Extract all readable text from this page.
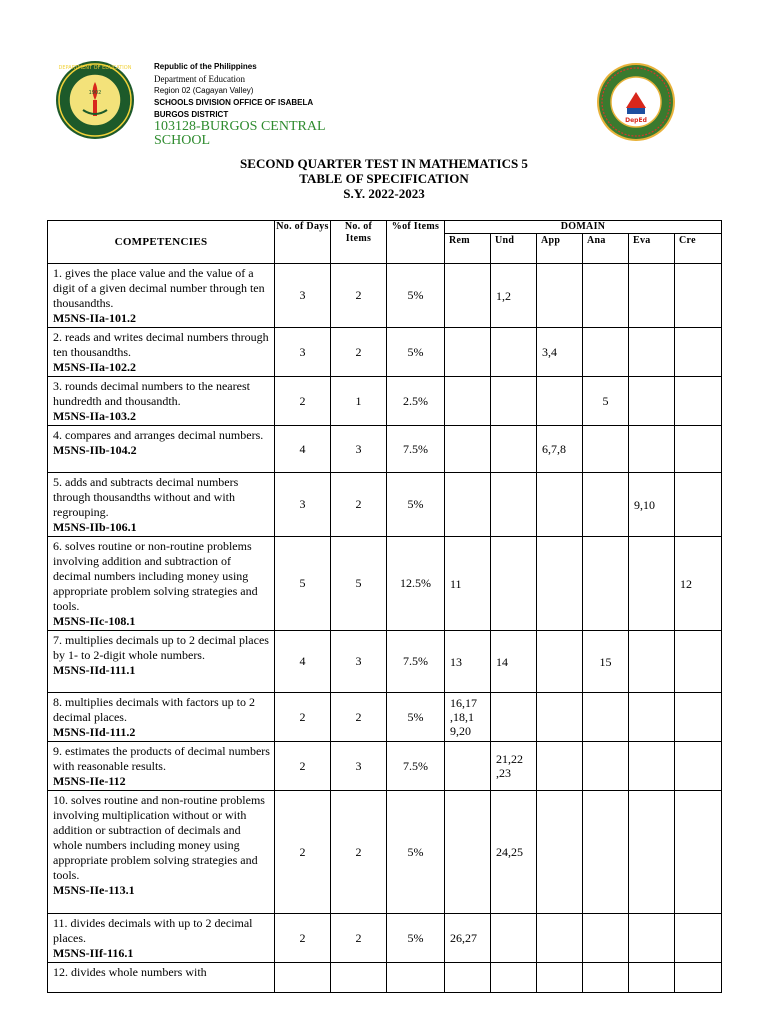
1902
DEPARTMENT OF EDUCATION
DepEd
Republic of the Philippines
Department of Education
Region 02 (Cagayan Valley)
SCHOOLS DIVISION OFFICE OF ISABELA
BURGOS DISTRICT
103128-BURGOS CENTRAL SCHOOL
SECOND QUARTER TEST IN MATHEMATICS 5
TABLE OF SPECIFICATION
S.Y. 2022-2023
COMPETENCIES	No. of Days	No. of Items	%of Items	DOMAIN					
				Rem	Und	App	Ana	Eva	Cre
1. gives the place value and the value of a digit of a given decimal number through ten thousandths.
M5NS-IIa-101.2	3	2	5%		1,2				
2. reads and writes decimal numbers through ten thousandths.
M5NS-IIa-102.2	3	2	5%			3,4			
3. rounds decimal numbers to the nearest hundredth and thousandth.
M5NS-IIa-103.2	2	1	2.5%				5		
4. compares and arranges decimal numbers.
M5NS-IIb-104.2	4	3	7.5%			6,7,8			
5. adds and subtracts decimal numbers through thousandths without and with regrouping.
M5NS-IIb-106.1	3	2	5%					9,10	
6. solves routine or non-routine problems involving addition and subtraction of decimal numbers including money using appropriate problem solving strategies and tools.
M5NS-IIc-108.1	5	5	12.5%	11					12
7. multiplies decimals up to 2 decimal places by 1- to 2-digit whole numbers.
M5NS-IId-111.1	4	3	7.5%	13	14		15		
8. multiplies decimals with factors up to 2 decimal places.
M5NS-IId-111.2	2	2	5%	16,17 ,18,1 9,20					
9. estimates the products of decimal numbers with reasonable results.
M5NS-IIe-112	2	3	7.5%		21,22 ,23				
10. solves routine and non-routine problems involving multiplication without or with addition or subtraction of decimals and whole numbers including money using appropriate problem solving strategies and tools.
M5NS-IIe-113.1	2	2	5%		24,25				
11. divides decimals with up to 2 decimal places.
M5NS-IIf-116.1	2	2	5%	26,27					
12. divides whole numbers with
